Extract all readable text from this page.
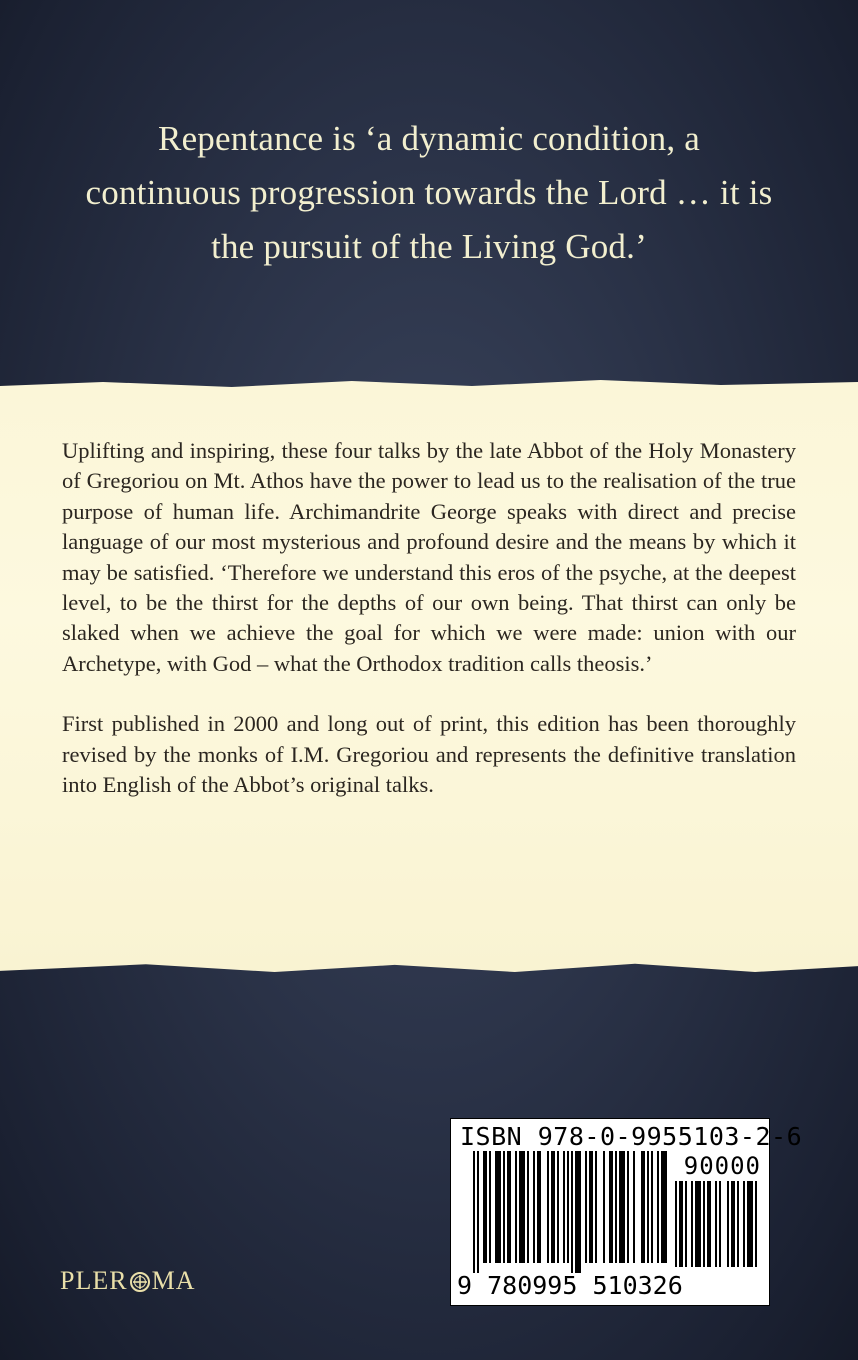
Repentance is ‘a dynamic condition, a
continuous progression towards the Lord … it is
the pursuit of the Living God.’

Uplifting and inspiring, these four talks by the late Abbot of the Holy Monastery of Gregoriou on Mt. Athos have the power to lead us to the realisation of the true purpose of human life. Archimandrite George speaks with direct and precise language of our most mysterious and profound desire and the means by which it may be satisfied. ‘Therefore we understand this eros of the psyche, at the deepest level, to be the thirst for the depths of our own being. That thirst can only be slaked when we achieve the goal for which we were made: union with our Archetype, with God – what the Orthodox tradition calls theosis.’

First published in 2000 and long out of print, this edition has been thoroughly revised by the monks of I.M. Gregoriou and represents the definitive translation into English of the Abbot’s original talks.

PLER MA
ISBN 978-0-9955103-2-6
90000
9 780995 510326
